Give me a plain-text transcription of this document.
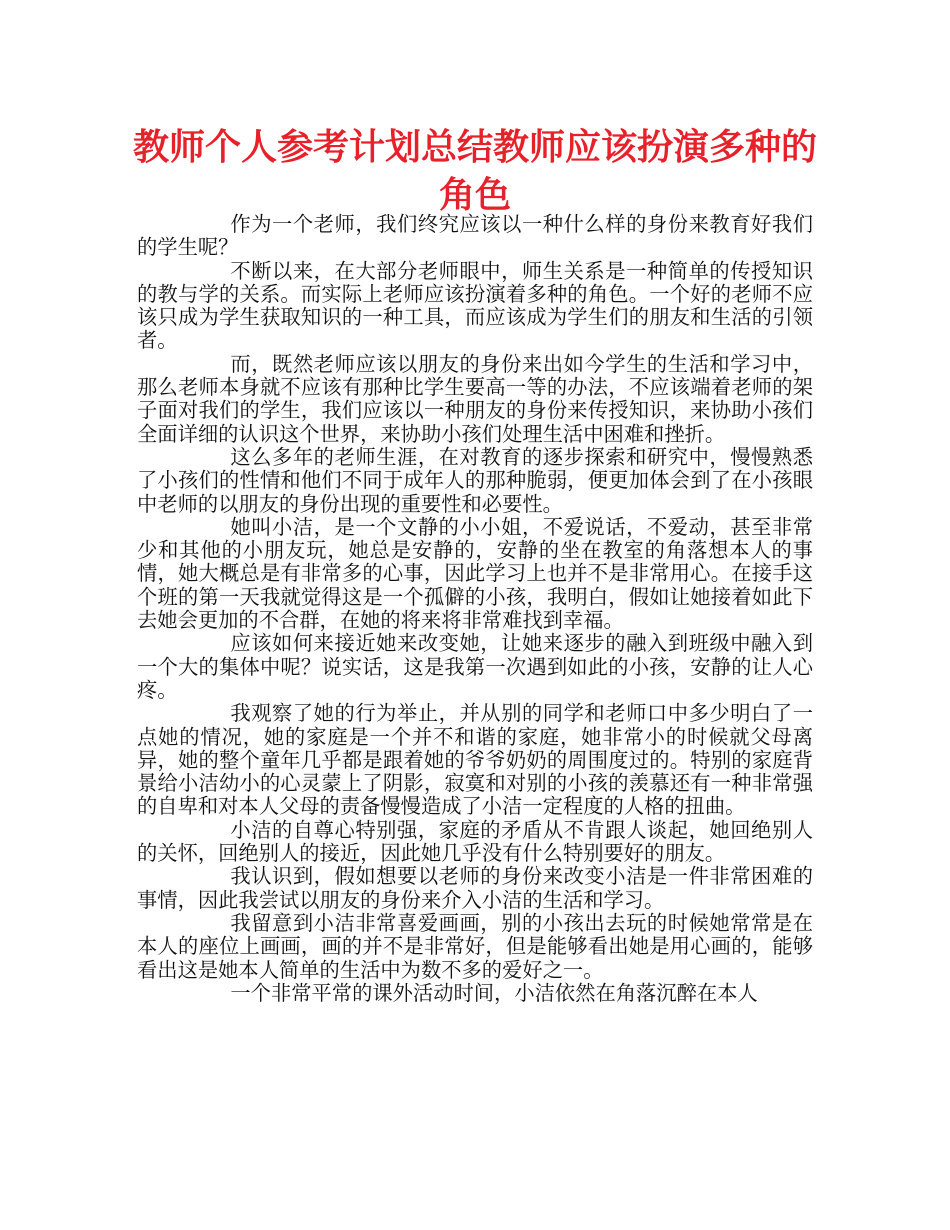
教师个人参考计划总结教师应该扮演多种的角色

作为一个老师，我们终究应该以一种什么样的身份来教育好我们的学生呢？

不断以来，在大部分老师眼中，师生关系是一种简单的传授知识的教与学的关系。而实际上老师应该扮演着多种的角色。一个好的老师不应该只成为学生获取知识的一种工具，而应该成为学生们的朋友和生活的引领者。

而，既然老师应该以朋友的身份来出如今学生的生活和学习中，那么老师本身就不应该有那种比学生要高一等的办法，不应该端着老师的架子面对我们的学生，我们应该以一种朋友的身份来传授知识，来协助小孩们全面详细的认识这个世界，来协助小孩们处理生活中困难和挫折。

这么多年的老师生涯，在对教育的逐步探索和研究中，慢慢熟悉了小孩们的性情和他们不同于成年人的那种脆弱，便更加体会到了在小孩眼中老师的以朋友的身份出现的重要性和必要性。

她叫小洁，是一个文静的小小姐，不爱说话，不爱动，甚至非常少和其他的小朋友玩，她总是安静的，安静的坐在教室的角落想本人的事情，她大概总是有非常多的心事，因此学习上也并不是非常用心。在接手这个班的第一天我就觉得这是一个孤僻的小孩，我明白，假如让她接着如此下去她会更加的不合群，在她的将来将非常难找到幸福。

应该如何来接近她来改变她，让她来逐步的融入到班级中融入到一个大的集体中呢？说实话，这是我第一次遇到如此的小孩，安静的让人心疼。

我观察了她的行为举止，并从别的同学和老师口中多少明白了一点她的情况，她的家庭是一个并不和谐的家庭，她非常小的时候就父母离异，她的整个童年几乎都是跟着她的爷爷奶奶的周围度过的。特别的家庭背景给小洁幼小的心灵蒙上了阴影，寂寞和对别的小孩的羡慕还有一种非常强的自卑和对本人父母的责备慢慢造成了小洁一定程度的人格的扭曲。

小洁的自尊心特别强，家庭的矛盾从不肯跟人谈起，她回绝别人的关怀，回绝别人的接近，因此她几乎没有什么特别要好的朋友。

我认识到，假如想要以老师的身份来改变小洁是一件非常困难的事情，因此我尝试以朋友的身份来介入小洁的生活和学习。

我留意到小洁非常喜爱画画，别的小孩出去玩的时候她常常是在本人的座位上画画，画的并不是非常好，但是能够看出她是用心画的，能够看出这是她本人简单的生活中为数不多的爱好之一。

一个非常平常的课外活动时间，小洁依然在角落沉醉在本人
